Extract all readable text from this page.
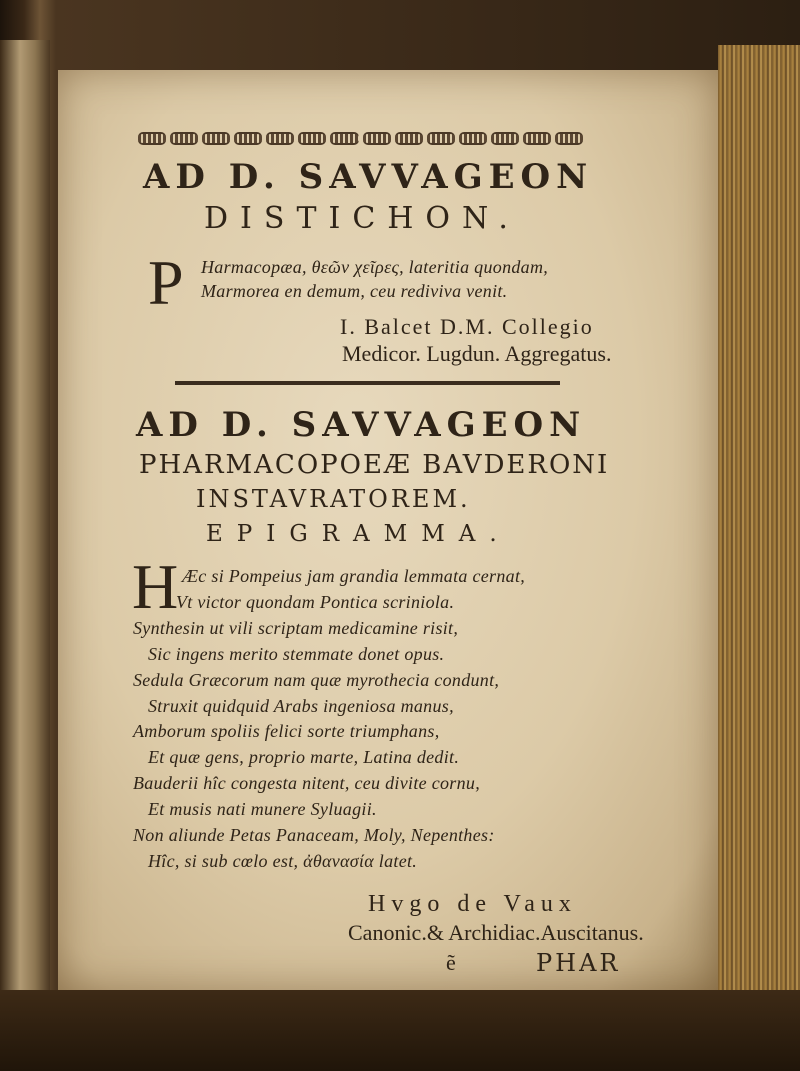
AD D. SAVVAGEON
DISTICHON.
P Harmacopæa, θεῶν χεῖρες, lateritia quondam,
Marmorea en demum, ceu rediviva venit.
I. Balcet D.M. Collegio
Medicor. Lugdun. Aggregatus.
AD D. SAVVAGEON
PHARMACOPOEÆ BAVDERONI
INSTAVRATOREM.
EPIGRAMMA.
H Æc si Pompeius jam grandia lemmata cernat,
Vt victor quondam Pontica scriniola.
Synthesin ut vili scriptam medicamine risit,
Sic ingens merito stemmate donet opus.
Sedula Græcorum nam quæ myrothecia condunt,
Struxit quidquid Arabs ingeniosa manus,
Amborum spoliis felici sorte triumphans,
Et quæ gens, proprio marte, Latina dedit.
Bauderii hîc congesta nitent, ceu divite cornu,
Et musis nati munere Syluagii.
Non aliunde Petas Panaceam, Moly, Nepenthes:
Hîc, si sub cœlo est, ἀθανασία latet.
Hvgo de Vaux
Canonic.& Archidiac.Auscitanus.
ẽ	PHAR
